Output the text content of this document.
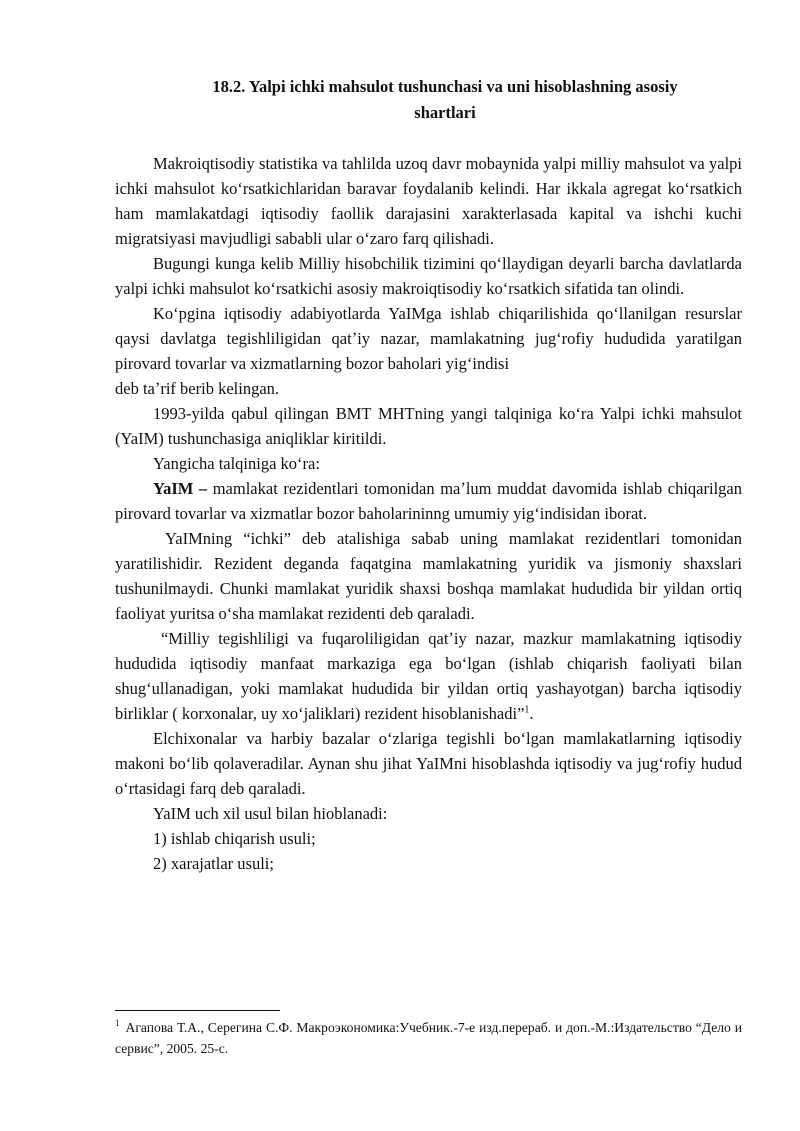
18.2. Yalpi ichki mahsulot tushunchasi va uni hisoblashning asosiy
shartlari

Makroiqtisodiy statistika va tahlilda uzoq davr mobaynida yalpi milliy mahsulot va yalpi ichki mahsulot koʻrsatkichlaridan baravar foydalanib kelindi. Har ikkala agregat koʻrsatkich ham mamlakatdagi iqtisodiy faollik darajasini xarakterlasada kapital va ishchi kuchi migratsiyasi mavjudligi sababli ular oʻzaro farq qilishadi.

Bugungi kunga kelib Milliy hisobchilik tizimini qoʻllaydigan deyarli barcha davlatlarda yalpi ichki mahsulot koʻrsatkichi asosiy makroiqtisodiy koʻrsatkich sifatida tan olindi.

Koʻpgina iqtisodiy adabiyotlarda YaIMga ishlab chiqarilishida qoʻllanilgan resurslar qaysi davlatga tegishliligidan qatʼiy nazar, mamlakatning jugʻrofiy hududida yaratilgan pirovard tovarlar va xizmatlarning bozor baholari yigʻindisi

deb taʼrif berib kelingan.

1993-yilda qabul qilingan BMT MHTning yangi talqiniga koʻra Yalpi ichki mahsulot (YaIM) tushunchasiga aniqliklar kiritildi.

Yangicha talqiniga koʻra:

YaIM – mamlakat rezidentlari tomonidan maʼlum muddat davomida ishlab chiqarilgan pirovard tovarlar va xizmatlar bozor baholarininng umumiy yigʻindisidan iborat.

YaIMning “ichki” deb atalishiga sabab uning mamlakat rezidentlari tomonidan yaratilishidir. Rezident deganda faqatgina mamlakatning yuridik va jismoniy shaxslari tushunilmaydi. Chunki mamlakat yuridik shaxsi boshqa mamlakat hududida bir yildan ortiq faoliyat yuritsa oʻsha mamlakat rezidenti deb qaraladi.

“Milliy tegishliligi va fuqaroliligidan qatʼiy nazar, mazkur mamlakatning iqtisodiy hududida iqtisodiy manfaat markaziga ega boʻlgan (ishlab chiqarish faoliyati bilan shugʻullanadigan, yoki mamlakat hududida bir yildan ortiq yashayotgan) barcha iqtisodiy birliklar ( korxonalar, uy xoʻjaliklari) rezident hisoblanishadi”$^1$.

Elchixonalar va harbiy bazalar oʻzlariga tegishli boʻlgan mamlakatlarning iqtisodiy makoni boʻlib qolaveradilar. Aynan shu jihat YaIMni hisoblashda iqtisodiy va jugʻrofiy hudud oʻrtasidagi farq deb qaraladi.

YaIM uch xil usul bilan hioblanadi:

1) ishlab chiqarish usuli;

2) xarajatlar usuli;

$^1$ Агапова Т.А., Серегина С.Ф. Макроэкономика:Учебник.-7-е изд.перераб. и доп.-М.:Издательство “Дело и сервис”, 2005. 25-с.
